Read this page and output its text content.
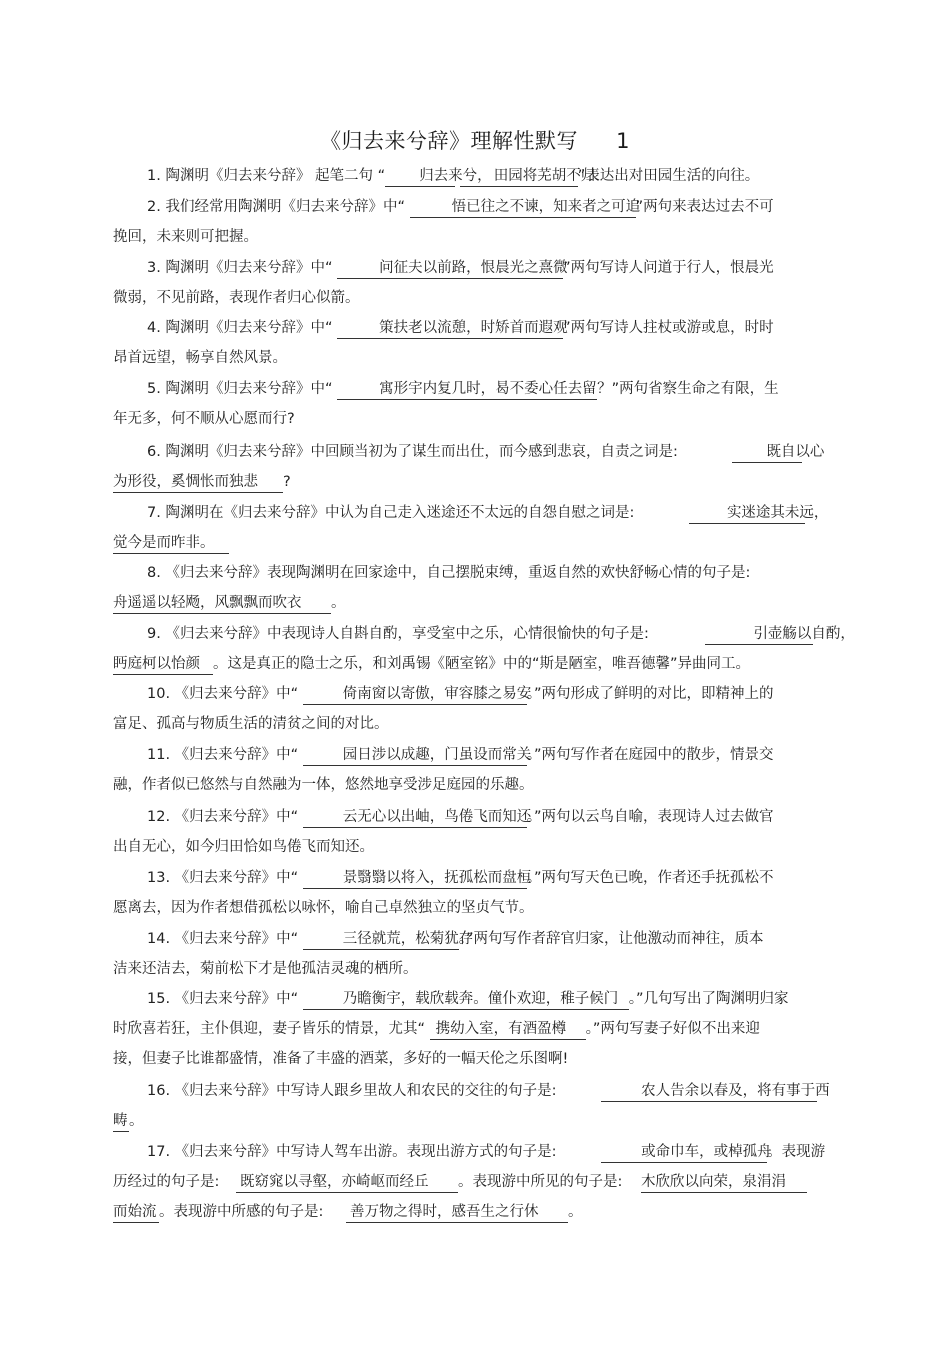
《归去来兮辞》理解性默写 1
1. 陶渊明《归去来兮辞》 起笔二句 “ 归去来兮， 田园将芜胡不归”表达出对田园生活的向往。
2. 我们经常用陶渊明《归去来兮辞》中“	悟已往之不谏，知来者之可追”两句来表达过去不可
挽回，未来则可把握。
3. 陶渊明《归去来兮辞》中“	问征夫以前路，恨晨光之熹微”两句写诗人问道于行人，恨晨光
微弱，不见前路，表现作者归心似箭。
4. 陶渊明《归去来兮辞》中“	策扶老以流憩，时矫首而遐观”两句写诗人拄杖或游或息，时时
昂首远望，畅享自然风景。
5. 陶渊明《归去来兮辞》中“	寓形宇内复几时，曷不委心任去留？”两句省察生命之有限，生
年无多，何不顺从心愿而行?
6. 陶渊明《归去来兮辞》中回顾当初为了谋生而出仕，而今感到悲哀，自责之词是:	既自以心
为形役，奚惆怅而独悲 ?
7. 陶渊明在《归去来兮辞》中认为自己走入迷途还不太远的自怨自慰之词是:	实迷途其未远，
觉今是而昨非。
8. 《归去来兮辞》表现陶渊明在回家途中，自己摆脱束缚，重返自然的欢快舒畅心情的句子是:
舟遥遥以轻飏，风飘飘而吹衣 。
9. 《归去来兮辞》中表现诗人自斟自酌，享受室中之乐，心情很愉快的句子是:	引壶觞以自酌，
眄庭柯以怡颜 。这是真正的隐士之乐，和刘禹锡《陋室铭》中的“斯是陋室，唯吾德馨”异曲同工。
10. 《归去来兮辞》中“	倚南窗以寄傲，审容膝之易安。”两句形成了鲜明的对比，即精神上的
富足、孤高与物质生活的清贫之间的对比。
11. 《归去来兮辞》中“	园日涉以成趣，门虽设而常关。”两句写作者在庭园中的散步，情景交
融，作者似已悠然与自然融为一体，悠然地享受涉足庭园的乐趣。
12. 《归去来兮辞》中“	云无心以出岫，鸟倦飞而知还。”两句以云鸟自喻，表现诗人过去做官
出自无心，如今归田恰如鸟倦飞而知还。
13. 《归去来兮辞》中“	景翳翳以将入，抚孤松而盘桓。”两句写天色已晚，作者还手抚孤松不
愿离去，因为作者想借孤松以咏怀，喻自己卓然独立的坚贞气节。
14. 《归去来兮辞》中“	三径就荒，松菊犹存。”两句写作者辞官归家，让他激动而神往，质本
洁来还洁去，菊前松下才是他孤洁灵魂的栖所。
15. 《归去来兮辞》中“	乃瞻衡宇，载欣载奔。僮仆欢迎，稚子候门 。”几句写出了陶渊明归家
时欣喜若狂，主仆俱迎，妻子皆乐的情景，尤其“ 携幼入室，有酒盈樽 。”两句写妻子好似不出来迎
接，但妻子比谁都盛情，准备了丰盛的酒菜，多好的一幅天伦之乐图啊!
16. 《归去来兮辞》中写诗人跟乡里故人和农民的交往的句子是:	农人告余以春及，将有事于西
畴 。
17. 《归去来兮辞》中写诗人驾车出游。表现出游方式的句子是:	或命巾车，或棹孤舟。表现游
历经过的句子是: 既窈窕以寻壑，亦崎岖而经丘 。表现游中所见的句子是: 木欣欣以向荣，泉涓涓
而始流 。表现游中所感的句子是: 善万物之得时，感吾生之行休 。
